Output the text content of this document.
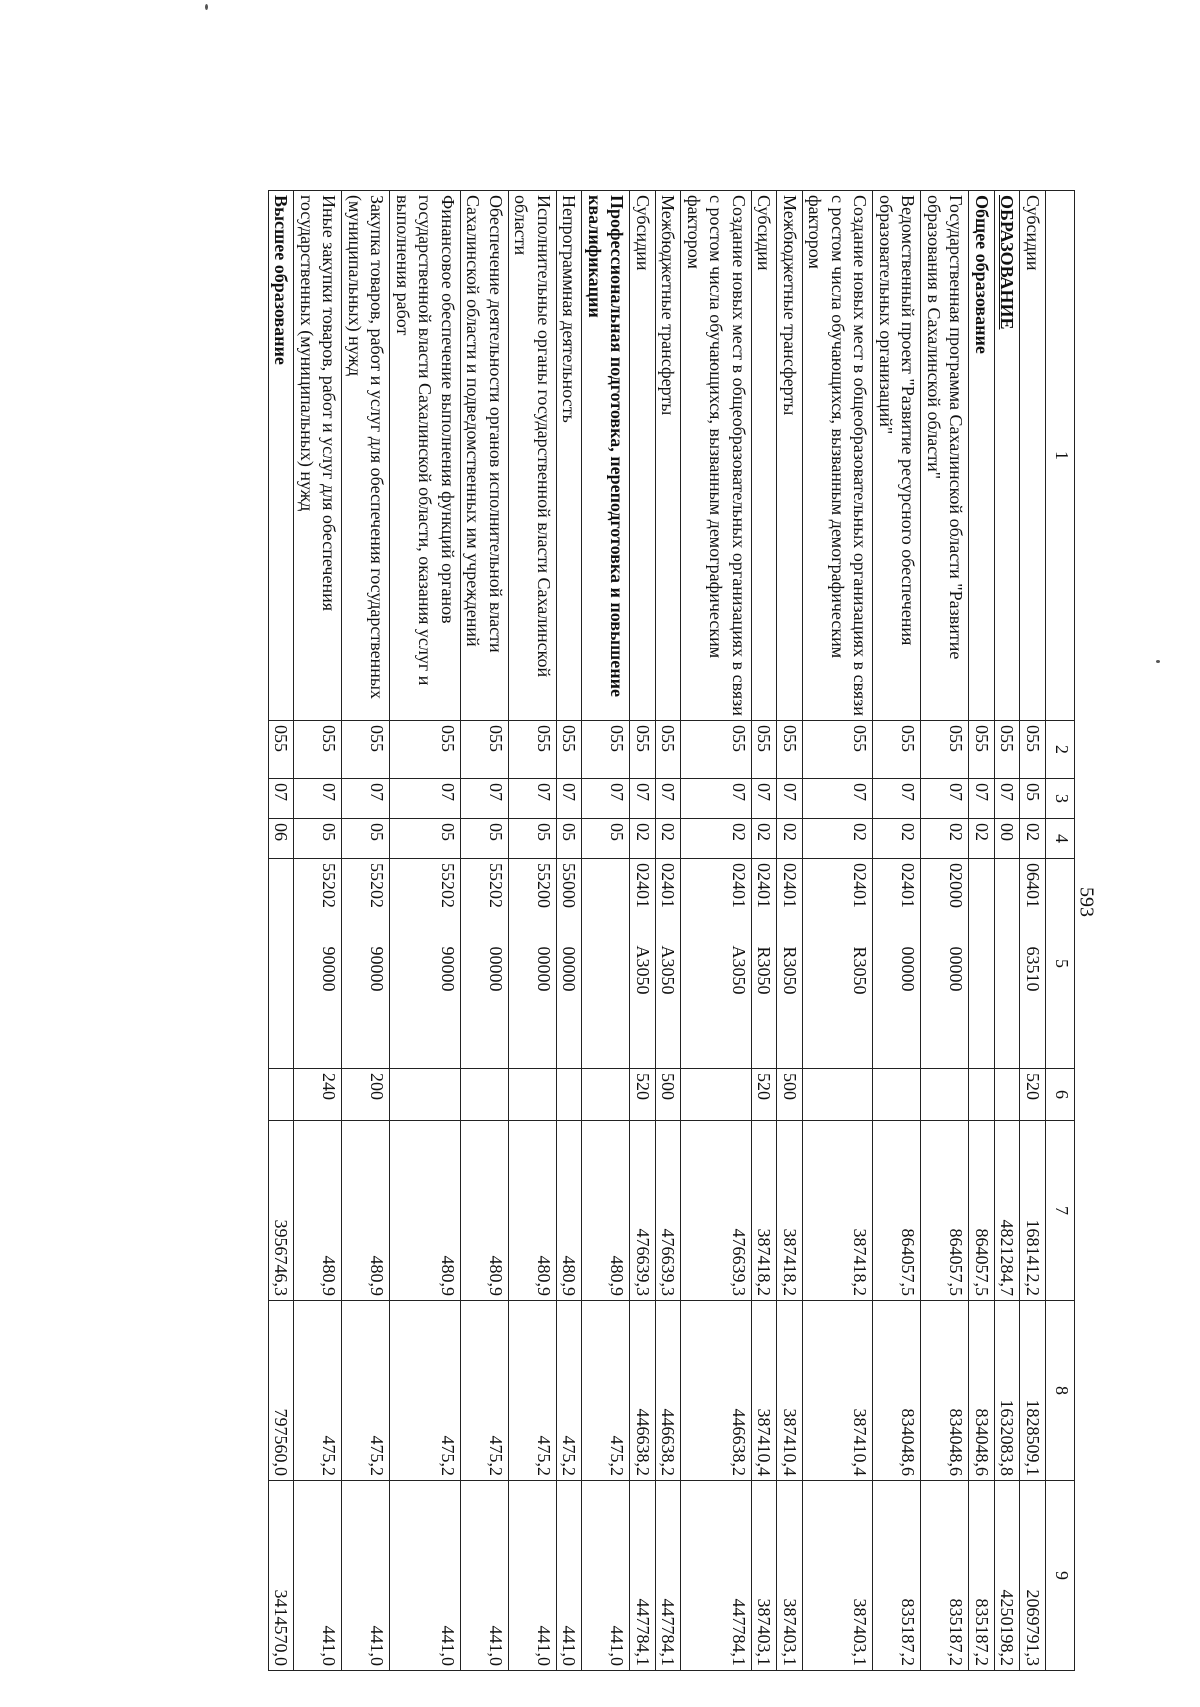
593
1	2	3	4	5	6	7	8	9
Субсидии	055	05	02	06401 63510	520	1681412,2	1828509,1	2069791,3
ОБРАЗОВАНИЕ	055	07	00			4821284,7	1632083,8	4250198,2
Общее образование	055	07	02			864057,5	834048,6	835187,2
Государственная программа Сахалинской области "Развитие образования в Сахалинской области"	055	07	02	02000 00000		864057,5	834048,6	835187,2
Ведомственный проект "Развитие ресурсного обеспечения образовательных организаций"	055	07	02	02401 00000		864057,5	834048,6	835187,2
Создание новых мест в общеобразовательных организациях в связи с ростом числа обучающихся, вызванным демографическим фактором	055	07	02	02401 R3050		387418,2	387410,4	387403,1
Межбюджетные трансферты	055	07	02	02401 R3050	500	387418,2	387410,4	387403,1
Субсидии	055	07	02	02401 R3050	520	387418,2	387410,4	387403,1
Создание новых мест в общеобразовательных организациях в связи с ростом числа обучающихся, вызванным демографическим фактором	055	07	02	02401 A3050		476639,3	446638,2	447784,1
Межбюджетные трансферты	055	07	02	02401 A3050	500	476639,3	446638,2	447784,1
Субсидии	055	07	02	02401 A3050	520	476639,3	446638,2	447784,1
Профессиональная подготовка, переподготовка и повышение квалификации	055	07	05			480,9	475,2	441,0
Непрограммная деятельность	055	07	05	55000 00000		480,9	475,2	441,0
Исполнительные органы государственной власти Сахалинской области	055	07	05	55200 00000		480,9	475,2	441,0
Обеспечение деятельности органов исполнительной власти Сахалинской области и подведомственных им учреждений	055	07	05	55202 00000		480,9	475,2	441,0
Финансовое обеспечение выполнения функций органов государственной власти Сахалинской области, оказания услуг и выполнения работ	055	07	05	55202 90000		480,9	475,2	441,0
Закупка товаров, работ и услуг для обеспечения государственных (муниципальных) нужд	055	07	05	55202 90000	200	480,9	475,2	441,0
Иные закупки товаров, работ и услуг для обеспечения государственных (муниципальных) нужд	055	07	05	55202 90000	240	480,9	475,2	441,0
Высшее образование	055	07	06			3956746,3	797560,0	3414570,0
